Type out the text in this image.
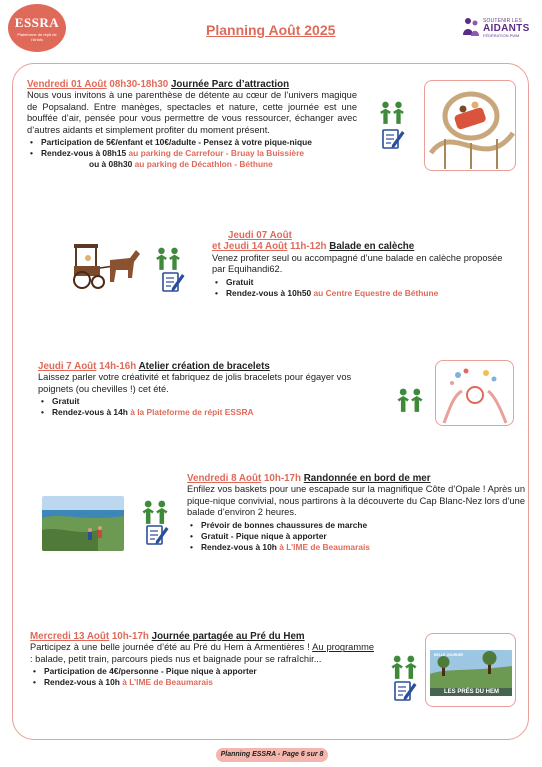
ESSRA
Plateforme de répit de l'Artois
Planning Août 2025
SOUTENIR LES
AIDANTS
FÉDÉRATION PWM
Vendredi 01 Août 08h30-18h30 Journée Parc d’attraction
Nous vous invitons à une parenthèse de détente au cœur de l’univers magique de Popsaland. Entre manèges, spectacles et nature, cette journée est une bouffée d’air, pensée pour vous permettre de vous ressourcer, échanger avec d’autres aidants et simplement profiter du moment présent.
• Participation de 5€/enfant et 10€/adulte - Pensez à votre pique-nique
• Rendez-vous à 08h15 au parking de Carrefour - Bruay la Buissière
ou à 08h30 au parking de Décathlon - Béthune
Jeudi 07 Août
et Jeudi 14 Août 11h-12h Balade en calèche
Venez profiter seul ou accompagné d’une balade en calèche proposée par Equihandi62.
• Gratuit
• Rendez-vous à 10h50 au Centre Equestre de Béthune
Jeudi 7 Août 14h-16h Atelier création de bracelets
Laissez parler votre créativité et fabriquez de jolis bracelets pour égayer vos poignets (ou chevilles !) cet été.
• Gratuit
• Rendez-vous à 14h à la Plateforme de répit ESSRA
Vendredi 8 Août 10h-17h Randonnée en bord de mer
Enfilez vos baskets pour une escapade sur la magnifique Côte d’Opale ! Après un pique-nique convivial, nous partirons à la découverte du Cap Blanc-Nez lors d’une balade d’environ 2 heures.
• Prévoir de bonnes chaussures de marche
• Gratuit - Pique nique à apporter
• Rendez-vous à 10h à L’IME de Beaumarais
Mercredi 13 Août 10h-17h Journée partagée au Pré du Hem
Participez à une belle journée d’été au Pré du Hem à Armentières ! Au programme : balade, petit train, parcours pieds nus et baignade pour se rafraîchir...
• Participation de 4€/personne - Pique nique à apporter
• Rendez-vous à 10h à L’IME de Beaumarais
BELLE JOURNÉE
LES PRÉS DU HEM
Planning ESSRA - Page 6 sur 8
